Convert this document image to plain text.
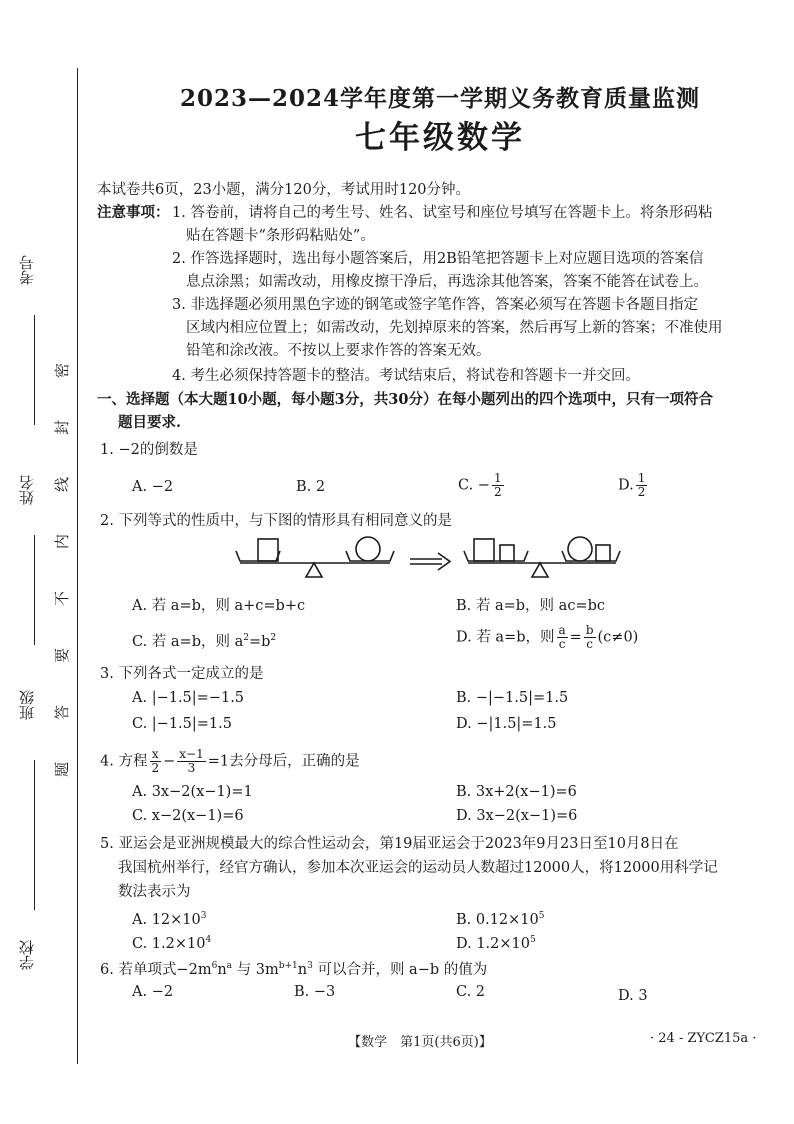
考号
姓名
班级
学校
密
封
线
内
不
要
答
题
2023—2024学年度第一学期义务教育质量监测
七年级数学
本试卷共6页，23小题，满分120分，考试用时120分钟。
注意事项： 1. 答卷前，请将自己的考生号、姓名、试室号和座位号填写在答题卡上。将条形码粘
贴在答题卡“条形码粘贴处”。
2. 作答选择题时，选出每小题答案后，用2B铅笔把答题卡上对应题目选项的答案信
息点涂黑；如需改动，用橡皮擦干净后，再选涂其他答案，答案不能答在试卷上。
3. 非选择题必须用黑色字迹的钢笔或签字笔作答，答案必须写在答题卡各题目指定
区域内相应位置上；如需改动，先划掉原来的答案，然后再写上新的答案；不准使用
铅笔和涂改液。不按以上要求作答的答案无效。
4. 考生必须保持答题卡的整洁。考试结束后，将试卷和答题卡一并交回。
一、选择题（本大题10小题，每小题3分，共30分）在每小题列出的四个选项中，只有一项符合
题目要求.
1. −2的倒数是
A. −2	B. 2	C. − $\frac{1}{2}$	D. $\frac{1}{2}$
2. 下列等式的性质中，与下图的情形具有相同意义的是
A. 若 a=b，则 a+c=b+c	B. 若 a=b，则 ac=bc
C. 若 a=b，则 $a^2=b^2$	D. 若 a=b，则 $\frac{a}{c} = \frac{b}{c} (c\ne 0)$
3. 下列各式一定成立的是
A. |−1.5|=−1.5	B. −|−1.5|=1.5
C. |−1.5|=1.5	D. −|1.5|=1.5
4. 方程 $\frac{x}{2} - \frac{x-1}{3} =1$去分母后，正确的是
A. 3x−2(x−1)=1	B. 3x+2(x−1)=6
C. x−2(x−1)=6	D. 3x−2(x−1)=6
5. 亚运会是亚洲规模最大的综合性运动会，第19届亚运会于2023年9月23日至10月8日在
我国杭州举行，经官方确认，参加本次亚运会的运动员人数超过12000人，将12000用科学记
数法表示为
A. $12\times 10^3$	B. $0.12\times 10^5$
C. $1.2\times 10^4$	D. $1.2\times 10^5$
6. 若单项式$-2m^6n^a$ 与 $3m^{b+1}n^3$ 可以合并，则 a−b 的值为
A. −2	B. −3	C. 2	D. 3
【数学　第1页(共6页)】	· 24 - ZYCZ15a ·
